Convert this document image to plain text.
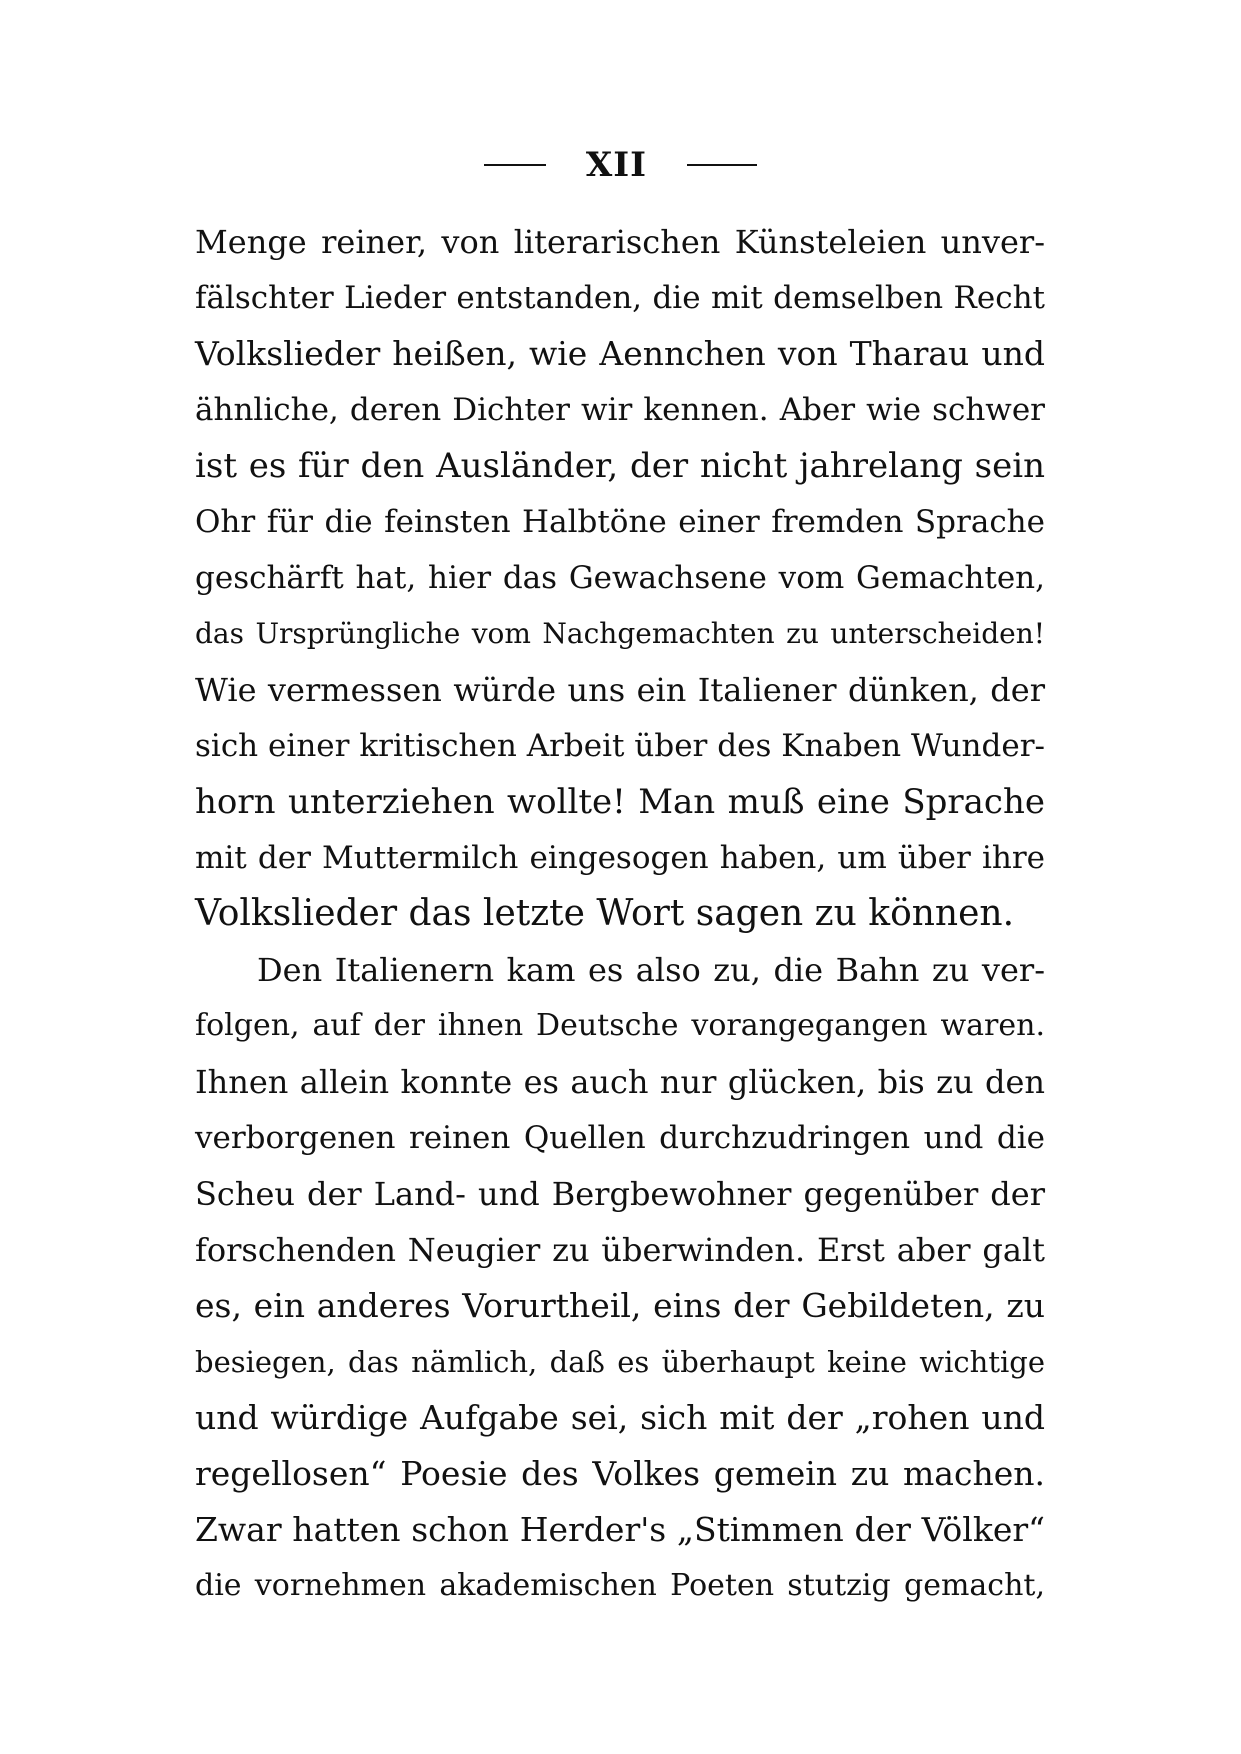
XII
Menge reiner, von literarischen Künsteleien unver-
fälschter Lieder entstanden, die mit demselben Recht
Volkslieder heißen, wie Aennchen von Tharau und
ähnliche, deren Dichter wir kennen. Aber wie schwer
ist es für den Ausländer, der nicht jahrelang sein
Ohr für die feinsten Halbtöne einer fremden Sprache
geschärft hat, hier das Gewachsene vom Gemachten,
das Ursprüngliche vom Nachgemachten zu unterscheiden!
Wie vermessen würde uns ein Italiener dünken, der
sich einer kritischen Arbeit über des Knaben Wunder-
horn unterziehen wollte! Man muß eine Sprache
mit der Muttermilch eingesogen haben, um über ihre
Volkslieder das letzte Wort sagen zu können.
Den Italienern kam es also zu, die Bahn zu ver-
folgen, auf der ihnen Deutsche vorangegangen waren.
Ihnen allein konnte es auch nur glücken, bis zu den
verborgenen reinen Quellen durchzudringen und die
Scheu der Land- und Bergbewohner gegenüber der
forschenden Neugier zu überwinden. Erst aber galt
es, ein anderes Vorurtheil, eins der Gebildeten, zu
besiegen, das nämlich, daß es überhaupt keine wichtige
und würdige Aufgabe sei, sich mit der „rohen und
regellosen“ Poesie des Volkes gemein zu machen.
Zwar hatten schon Herder's „Stimmen der Völker“
die vornehmen akademischen Poeten stutzig gemacht,
